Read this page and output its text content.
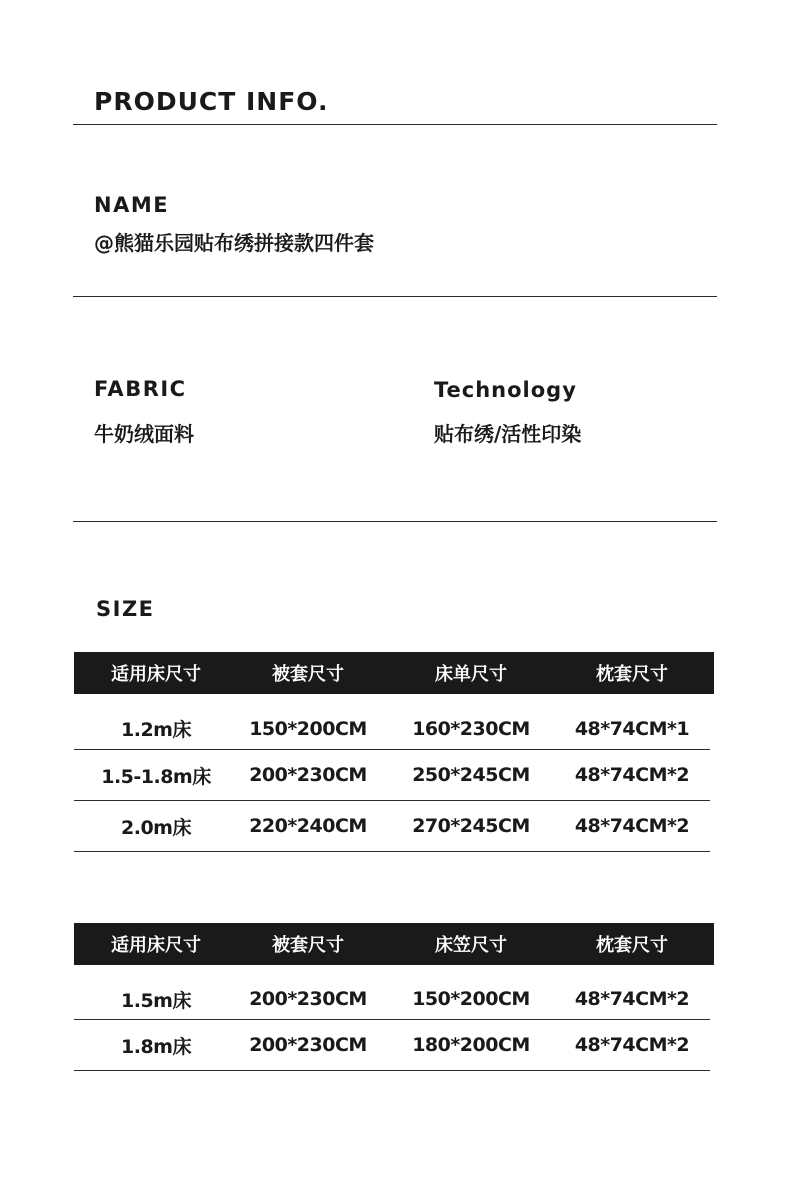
PRODUCT INFO.
NAME
@熊猫乐园贴布绣拼接款四件套
FABRIC
牛奶绒面料
Technology
贴布绣/活性印染
SIZE
适用床尺寸	被套尺寸	床单尺寸	枕套尺寸
1.2m床	150*200CM	160*230CM	48*74CM*1
1.5-1.8m床	200*230CM	250*245CM	48*74CM*2
2.0m床	220*240CM	270*245CM	48*74CM*2
适用床尺寸	被套尺寸	床笠尺寸	枕套尺寸
1.5m床	200*230CM	150*200CM	48*74CM*2
1.8m床	200*230CM	180*200CM	48*74CM*2
